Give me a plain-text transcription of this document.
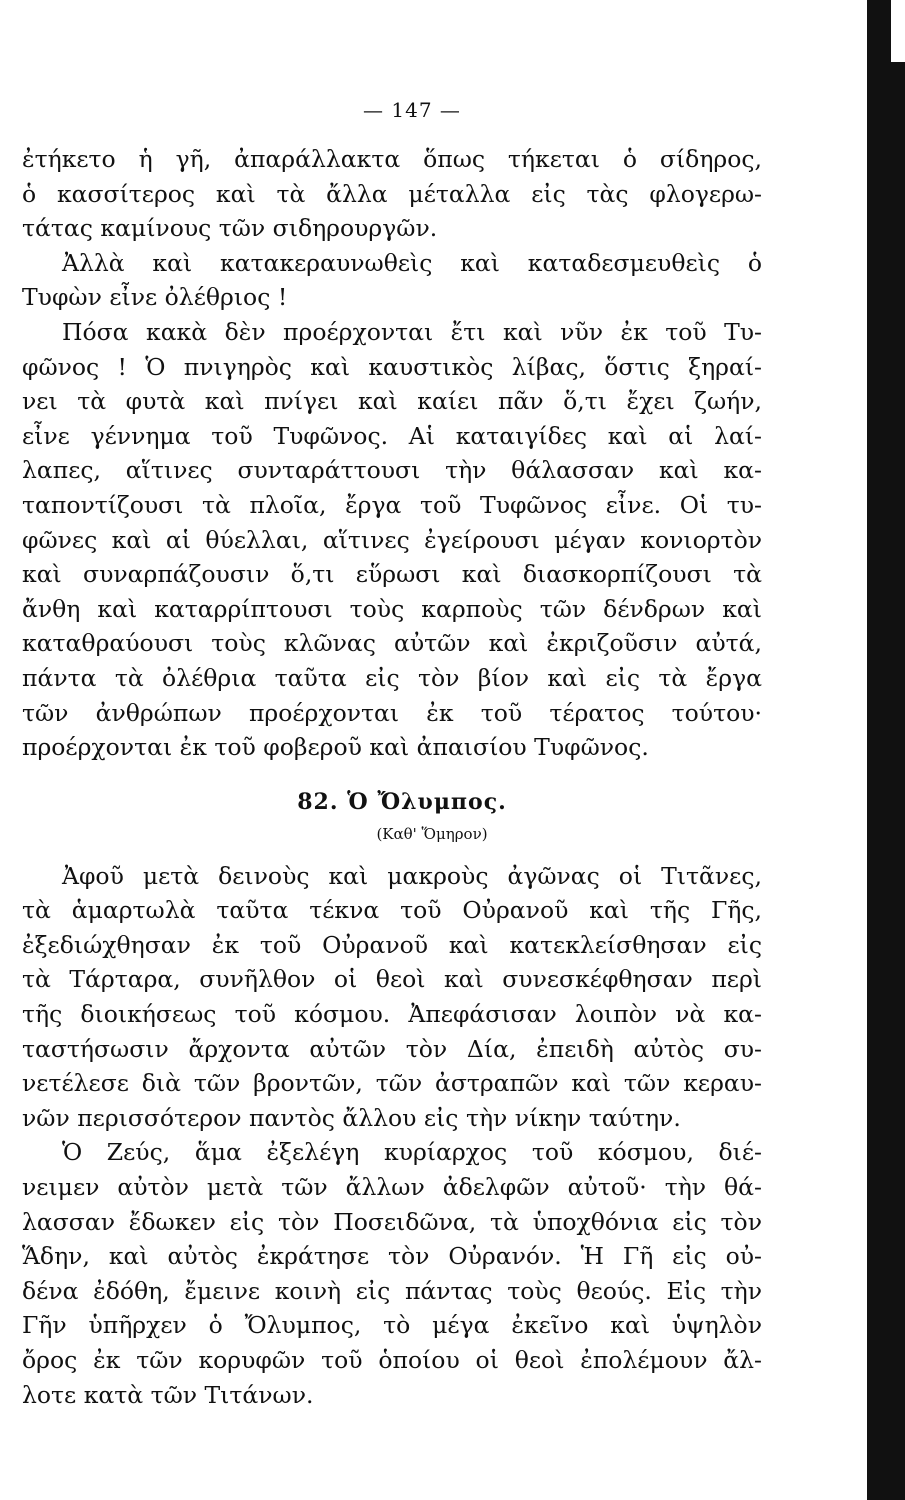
— 147 —
ἐτήκετο ἡ γῆ, ἀπαράλλακτα ὅπως τήκεται ὁ σίδηρος,
ὁ κασσίτερος καὶ τὰ ἄλλα μέταλλα εἰς τὰς φλογερω-
τάτας καμίνους τῶν σιδηρουργῶν.
Ἀλλὰ καὶ κατακεραυνωθεὶς καὶ καταδεσμευθεὶς ὁ
Τυφὼν εἶνε ὀλέθριος !
Πόσα κακὰ δὲν προέρχονται ἔτι καὶ νῦν ἐκ τοῦ Τυ-
φῶνος ! Ὁ πνιγηρὸς καὶ καυστικὸς λίβας, ὅστις ξηραί-
νει τὰ φυτὰ καὶ πνίγει καὶ καίει πᾶν ὅ,τι ἔχει ζωήν,
εἶνε γέννημα τοῦ Τυφῶνος. Αἱ καταιγίδες καὶ αἱ λαί-
λαπες, αἵτινες συνταράττουσι τὴν θάλασσαν καὶ κα-
ταποντίζουσι τὰ πλοῖα, ἔργα τοῦ Τυφῶνος εἶνε. Οἱ τυ-
φῶνες καὶ αἱ θύελλαι, αἵτινες ἐγείρουσι μέγαν κονιορτὸν
καὶ συναρπάζουσιν ὅ,τι εὕρωσι καὶ διασκορπίζουσι τὰ
ἄνθη καὶ καταρρίπτουσι τοὺς καρποὺς τῶν δένδρων καὶ
καταθραύουσι τοὺς κλῶνας αὐτῶν καὶ ἐκριζοῦσιν αὐτά,
πάντα τὰ ὀλέθρια ταῦτα εἰς τὸν βίον καὶ εἰς τὰ ἔργα
τῶν ἀνθρώπων προέρχονται ἐκ τοῦ τέρατος τούτου·
προέρχονται ἐκ τοῦ φοβεροῦ καὶ ἀπαισίου Τυφῶνος.
82. Ὁ Ὄλυμπος.
(Καθ' Ὅμηρον)
Ἀφοῦ μετὰ δεινοὺς καὶ μακροὺς ἀγῶνας οἱ Τιτᾶνες,
τὰ ἁμαρτωλὰ ταῦτα τέκνα τοῦ Οὐρανοῦ καὶ τῆς Γῆς,
ἐξεδιώχθησαν ἐκ τοῦ Οὐρανοῦ καὶ κατεκλείσθησαν εἰς
τὰ Τάρταρα, συνῆλθον οἱ θεοὶ καὶ συνεσκέφθησαν περὶ
τῆς διοικήσεως τοῦ κόσμου. Ἀπεφάσισαν λοιπὸν νὰ κα-
ταστήσωσιν ἄρχοντα αὐτῶν τὸν Δία, ἐπειδὴ αὐτὸς συ-
νετέλεσε διὰ τῶν βροντῶν, τῶν ἀστραπῶν καὶ τῶν κεραυ-
νῶν περισσότερον παντὸς ἄλλου εἰς τὴν νίκην ταύτην.
Ὁ Ζεύς, ἅμα ἐξελέγη κυρίαρχος τοῦ κόσμου, διέ-
νειμεν αὐτὸν μετὰ τῶν ἄλλων ἀδελφῶν αὐτοῦ· τὴν θά-
λασσαν ἔδωκεν εἰς τὸν Ποσειδῶνα, τὰ ὑποχθόνια εἰς τὸν
Ἅδην, καὶ αὐτὸς ἐκράτησε τὸν Οὐρανόν. Ἡ Γῆ εἰς οὐ-
δένα ἐδόθη, ἔμεινε κοινὴ εἰς πάντας τοὺς θεούς. Εἰς τὴν
Γῆν ὑπῆρχεν ὁ Ὄλυμπος, τὸ μέγα ἐκεῖνο καὶ ὑψηλὸν
ὄρος ἐκ τῶν κορυφῶν τοῦ ὁποίου οἱ θεοὶ ἐπολέμουν ἄλ-
λοτε κατὰ τῶν Τιτάνων.
